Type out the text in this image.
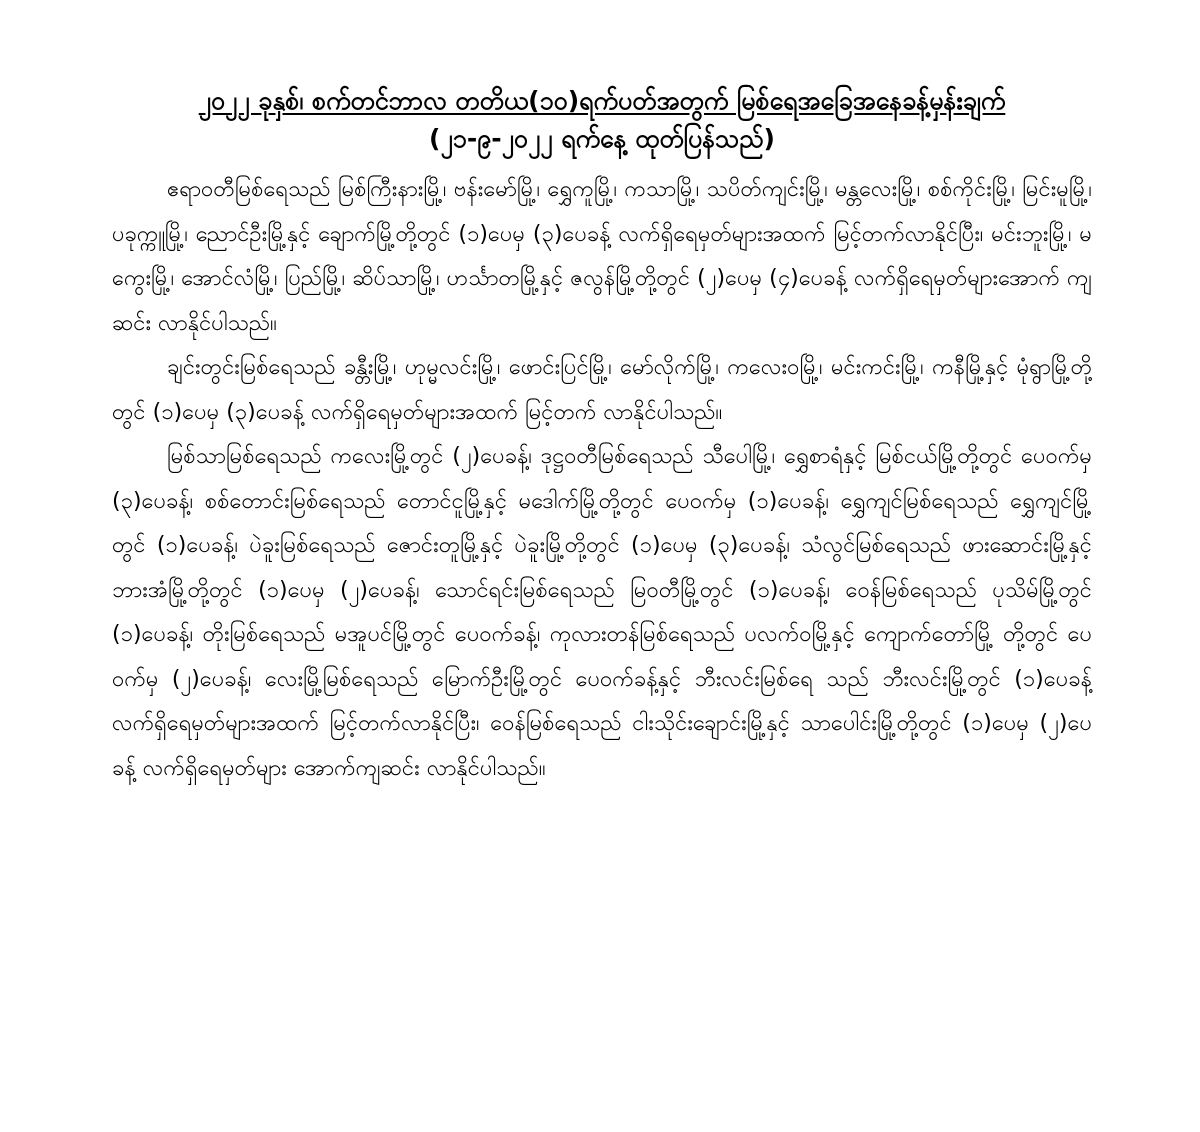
၂၀၂၂ ခုနှစ်၊ စက်တင်ဘာလ တတိယ(၁၀)ရက်ပတ်အတွက် မြစ်ရေအခြေအနေခန့်မှန်းချက်
(၂၁-၉-၂၀၂၂ ရက်နေ့ ထုတ်ပြန်သည်)

ဧရာဝတီမြစ်ရေသည် မြစ်ကြီးနားမြို့၊ ဗန်းမော်မြို့၊ ရွှေကူမြို့၊ ကသာမြို့၊ သပိတ်ကျင်းမြို့၊ မန္တလေးမြို့၊ စစ်ကိုင်းမြို့၊ မြင်းမူမြို့၊ ပခုက္ကူမြို့၊ ညောင်ဦးမြို့နှင့် ချောက်မြို့တို့တွင် (၁)ပေမှ (၃)ပေခန့် လက်ရှိရေမှတ်များအထက် မြင့်တက်လာနိုင်ပြီး၊ မင်းဘူးမြို့၊ မကွေးမြို့၊ အောင်လံမြို့၊ ပြည်မြို့၊ ဆိပ်သာမြို့၊ ဟင်္သာတမြို့နှင့် ဇလွန်မြို့တို့တွင် (၂)ပေမှ (၄)ပေခန့် လက်ရှိရေမှတ်များအောက် ကျဆင်း လာနိုင်ပါသည်။

ချင်းတွင်းမြစ်ရေသည် ခန္တီးမြို့၊ ဟုမ္မလင်းမြို့၊ ဖောင်းပြင်မြို့၊ မော်လိုက်မြို့၊ ကလေးဝမြို့၊ မင်းကင်းမြို့၊ ကနီမြို့နှင့် မုံရွာမြို့တို့တွင် (၁)ပေမှ (၃)ပေခန့် လက်ရှိရေမှတ်များအထက် မြင့်တက် လာနိုင်ပါသည်။

မြစ်သာမြစ်ရေသည် ကလေးမြို့တွင် (၂)ပေခန့်၊ ဒုဋ္ဌဝတီမြစ်ရေသည် သီပေါမြို့၊ ရွှေစာရံနှင့် မြစ်ငယ်မြို့တို့တွင် ပေဝက်မှ (၃)ပေခန့်၊ စစ်တောင်းမြစ်ရေသည် တောင်ငူမြို့နှင့် မဒေါက်မြို့တို့တွင် ပေဝက်မှ (၁)ပေခန့်၊ ရွှေကျင်မြစ်ရေသည် ရွှေကျင်မြို့တွင် (၁)ပေခန့်၊ ပဲခူးမြစ်ရေသည် ဇောင်းတူမြို့နှင့် ပဲခူးမြို့တို့တွင် (၁)ပေမှ (၃)ပေခန့်၊ သံလွင်မြစ်ရေသည် ဖားဆောင်းမြို့နှင့် ဘားအံမြို့တို့တွင် (၁)ပေမှ (၂)ပေခန့်၊ သောင်ရင်းမြစ်ရေသည် မြဝတီမြို့တွင် (၁)ပေခန့်၊ ဝေန်မြစ်ရေသည် ပုသိမ်မြို့တွင် (၁)ပေခန့်၊ တိုးမြစ်ရေသည် မအူပင်မြို့တွင် ပေဝက်ခန့်၊ ကုလားတန်မြစ်ရေသည် ပလက်ဝမြို့နှင့် ကျောက်တော်မြို့ တို့တွင် ပေဝက်မှ (၂)ပေခန့်၊ လေးမြို့မြစ်ရေသည် မြောက်ဦးမြို့တွင် ပေဝက်ခန့်နှင့် ဘီးလင်းမြစ်ရေ သည် ဘီးလင်းမြို့တွင် (၁)ပေခန့် လက်ရှိရေမှတ်များအထက် မြင့်တက်လာနိုင်ပြီး၊ ဝေန်မြစ်ရေသည် ငါးသိုင်းချောင်းမြို့နှင့် သာပေါင်းမြို့တို့တွင် (၁)ပေမှ (၂)ပေခန့် လက်ရှိရေမှတ်များ အောက်ကျဆင်း လာနိုင်ပါသည်။
